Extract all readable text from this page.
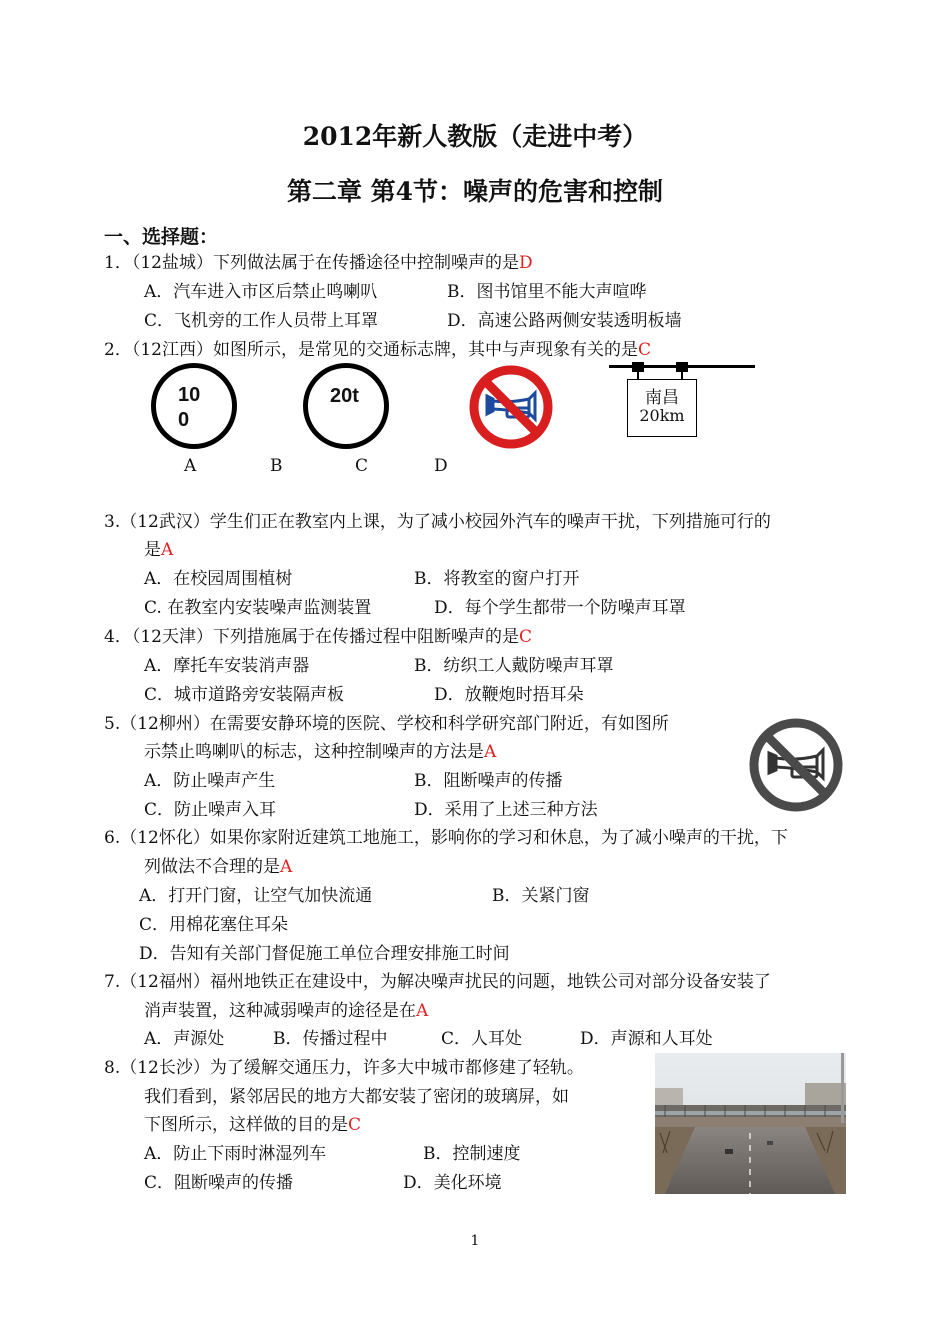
2012年新人教版（走进中考）
第二章 第4节：噪声的危害和控制
一、选择题：
1．（12盐城）下列做法属于在传播途径中控制噪声的是D
A．汽车进入市区后禁止鸣喇叭	B．图书馆里不能大声喧哗
C．飞机旁的工作人员带上耳罩	D．高速公路两侧安装透明板墙
2．（12江西）如图所示，是常见的交通标志牌，其中与声现象有关的是C
10
0
20t	南昌
20km
A	B	C	D
3.（12武汉）学生们正在教室内上课，为了减小校园外汽车的噪声干扰，下列措施可行的
是A
A．在校园周围植树	B．将教室的窗户打开
C. 在教室内安装噪声监测装置	D．每个学生都带一个防噪声耳罩
4．（12天津）下列措施属于在传播过程中阻断噪声的是C
A．摩托车安装消声器	B．纺织工人戴防噪声耳罩
C．城市道路旁安装隔声板	D．放鞭炮时捂耳朵
5.（12柳州）在需要安静环境的医院、学校和科学研究部门附近，有如图所
示禁止鸣喇叭的标志，这种控制噪声的方法是A
A．防止噪声产生	B．阻断噪声的传播
C．防止噪声入耳	D．采用了上述三种方法
6.（12怀化）如果你家附近建筑工地施工，影响你的学习和休息，为了减小噪声的干扰，下
列做法不合理的是A
A．打开门窗，让空气加快流通	B．关紧门窗
C．用棉花塞住耳朵
D．告知有关部门督促施工单位合理安排施工时间
7.（12福州）福州地铁正在建设中，为解决噪声扰民的问题，地铁公司对部分设备安装了
消声装置，这种减弱噪声的途径是在A
A．声源处	B．传播过程中	C．人耳处	D．声源和人耳处
8.（12长沙）为了缓解交通压力，许多大中城市都修建了轻轨。
我们看到，紧邻居民的地方大都安装了密闭的玻璃屏，如
下图所示，这样做的目的是C
A．防止下雨时淋湿列车	B．控制速度
C．阻断噪声的传播	D．美化环境
1
